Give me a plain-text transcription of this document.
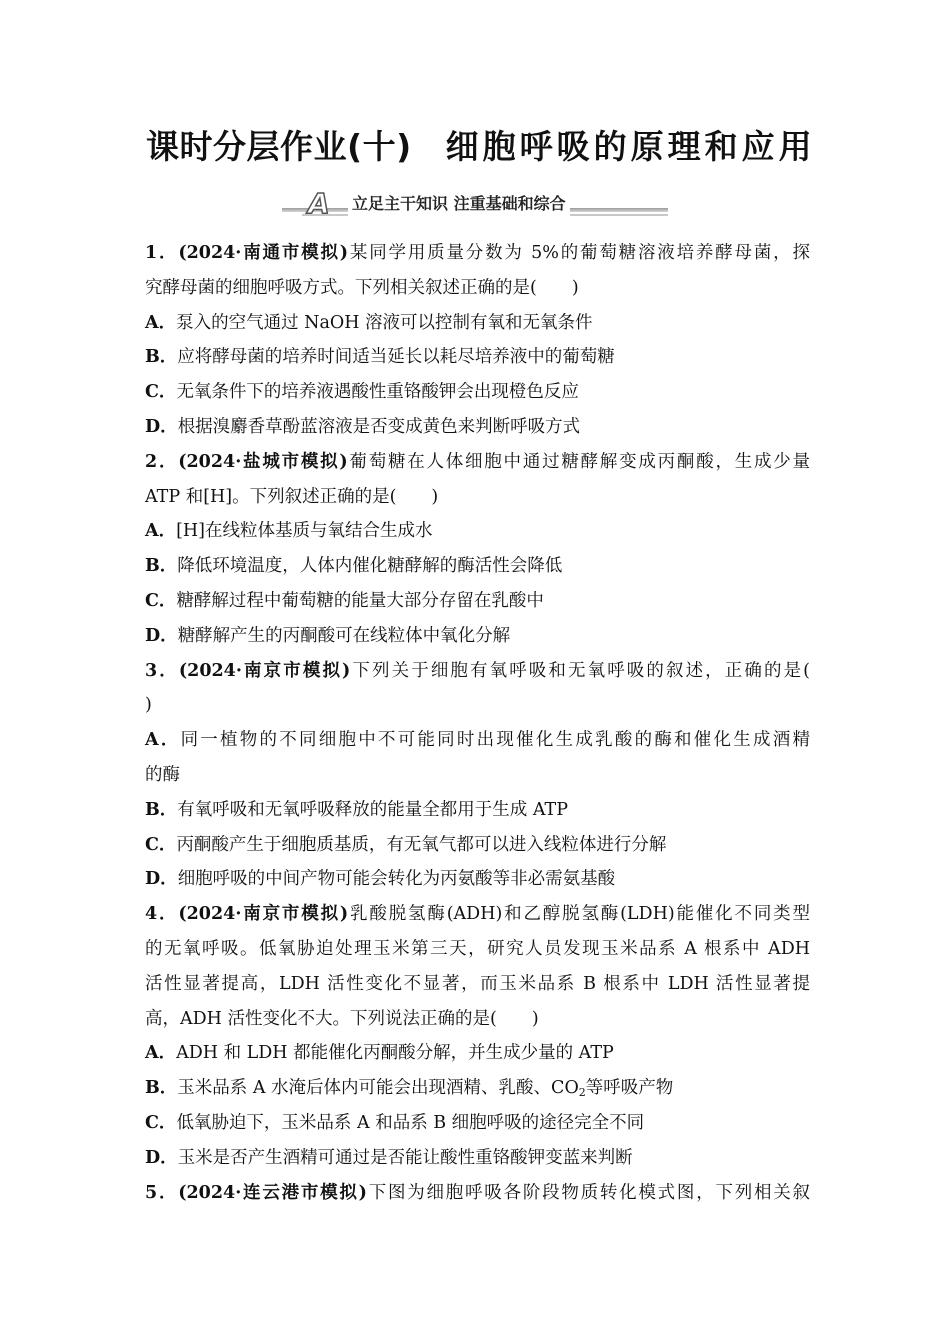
课时分层作业(十) 细胞呼吸的原理和应用
A 立足主干知识 注重基础和综合
1．(2024·南通市模拟)某同学用质量分数为 5%的葡萄糖溶液培养酵母菌，探
究酵母菌的细胞呼吸方式。下列相关叙述正确的是(　　)
A．泵入的空气通过 NaOH 溶液可以控制有氧和无氧条件
B．应将酵母菌的培养时间适当延长以耗尽培养液中的葡萄糖
C．无氧条件下的培养液遇酸性重铬酸钾会出现橙色反应
D．根据溴麝香草酚蓝溶液是否变成黄色来判断呼吸方式
2．(2024·盐城市模拟)葡萄糖在人体细胞中通过糖酵解变成丙酮酸，生成少量
ATP 和[H]。下列叙述正确的是(　　)
A．[H]在线粒体基质与氧结合生成水
B．降低环境温度，人体内催化糖酵解的酶活性会降低
C．糖酵解过程中葡萄糖的能量大部分存留在乳酸中
D．糖酵解产生的丙酮酸可在线粒体中氧化分解
3．(2024·南京市模拟)下列关于细胞有氧呼吸和无氧呼吸的叙述，正确的是(
)
A．同一植物的不同细胞中不可能同时出现催化生成乳酸的酶和催化生成酒精
的酶
B．有氧呼吸和无氧呼吸释放的能量全都用于生成 ATP
C．丙酮酸产生于细胞质基质，有无氧气都可以进入线粒体进行分解
D．细胞呼吸的中间产物可能会转化为丙氨酸等非必需氨基酸
4．(2024·南京市模拟)乳酸脱氢酶(ADH)和乙醇脱氢酶(LDH)能催化不同类型
的无氧呼吸。低氧胁迫处理玉米第三天，研究人员发现玉米品系 A 根系中 ADH
活性显著提高，LDH 活性变化不显著，而玉米品系 B 根系中 LDH 活性显著提
高，ADH 活性变化不大。下列说法正确的是(　　)
A．ADH 和 LDH 都能催化丙酮酸分解，并生成少量的 ATP
B．玉米品系 A 水淹后体内可能会出现酒精、乳酸、$CO_2$等呼吸产物
C．低氧胁迫下，玉米品系 A 和品系 B 细胞呼吸的途径完全不同
D．玉米是否产生酒精可通过是否能让酸性重铬酸钾变蓝来判断
5．(2024·连云港市模拟)下图为细胞呼吸各阶段物质转化模式图，下列相关叙
